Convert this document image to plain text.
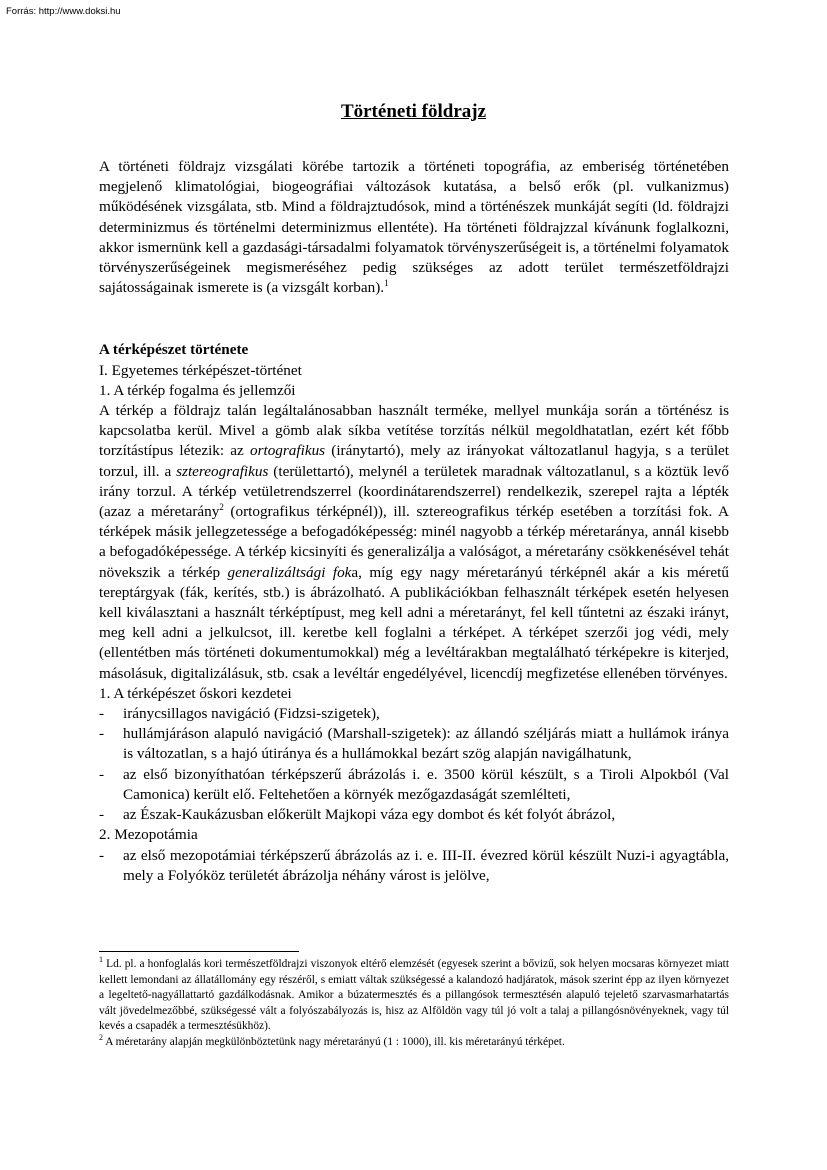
Forrás: http://www.doksi.hu
Történeti földrajz

A történeti földrajz vizsgálati körébe tartozik a történeti topográfia, az emberiség történetében megjelenő klimatológiai, biogeográfiai változások kutatása, a belső erők (pl. vulkanizmus) működésének vizsgálata, stb. Mind a földrajztudósok, mind a történészek munkáját segíti (ld. földrajzi determinizmus és történelmi determinizmus ellentéte). Ha történeti földrajzzal kívánunk foglalkozni, akkor ismernünk kell a gazdasági-társadalmi folyamatok törvényszerűségeit is, a történelmi folyamatok törvényszerűségeinek megismeréséhez pedig szükséges az adott terület természetföldrajzi sajátosságainak ismerete is (a vizsgált korban).$^1$

A térképészet története

I. Egyetemes térképészet-történet

1. A térkép fogalma és jellemzői

A térkép a földrajz talán legáltalánosabban használt terméke, mellyel munkája során a történész is kapcsolatba kerül. Mivel a gömb alak síkba vetítése torzítás nélkül megoldhatatlan, ezért két főbb torzítástípus létezik: az ortografikus (iránytartó), mely az irányokat változatlanul hagyja, s a terület torzul, ill. a sztereografikus (területtartó), melynél a területek maradnak változatlanul, s a köztük levő irány torzul. A térkép vetületrendszerrel (koordinátarendszerrel) rendelkezik, szerepel rajta a lépték (azaz a méretarány$^2$ (ortografikus térképnél)), ill. sztereografikus térkép esetében a torzítási fok. A térképek másik jellegzetessége a befogadóképesség: minél nagyobb a térkép méretaránya, annál kisebb a befogadóképessége. A térkép kicsinyíti és generalizálja a valóságot, a méretarány csökkenésével tehát növekszik a térkép generalizáltsági foka, míg egy nagy méretarányú térképnél akár a kis méretű tereptárgyak (fák, kerítés, stb.) is ábrázolható. A publikációkban felhasznált térképek esetén helyesen kell kiválasztani a használt térképtípust, meg kell adni a méretarányt, fel kell tűntetni az északi irányt, meg kell adni a jelkulcsot, ill. keretbe kell foglalni a térképet. A térképet szerzői jog védi, mely (ellentétben más történeti dokumentumokkal) még a levéltárakban megtalálható térképekre is kiterjed, másolásuk, digitalizálásuk, stb. csak a levéltár engedélyével, licencdíj megfizetése ellenében törvényes.

1. A térképészet őskori kezdetei

-	iránycsillagos navigáció (Fidzsi-szigetek),
-	hullámjáráson alapuló navigáció (Marshall-szigetek): az állandó széljárás miatt a hullámok iránya is változatlan, s a hajó útiránya és a hullámokkal bezárt szög alapján navigálhatunk,
-	az első bizonyíthatóan térképszerű ábrázolás i. e. 3500 körül készült, s a Tiroli Alpokból (Val Camonica) került elő. Feltehetően a környék mezőgazdaságát szemlélteti,
-	az Észak-Kaukázusban előkerült Majkopi váza egy dombot és két folyót ábrázol,

2. Mezopotámia

-	az első mezopotámiai térképszerű ábrázolás az i. e. III-II. évezred körül készült Nuzi-i agyagtábla, mely a Folyóköz területét ábrázolja néhány várost is jelölve,

$^1$ Ld. pl. a honfoglalás kori természetföldrajzi viszonyok eltérő elemzését (egyesek szerint a bővizű, sok helyen mocsaras környezet miatt kellett lemondani az állatállomány egy részéről, s emiatt váltak szükségessé a kalandozó hadjáratok, mások szerint épp az ilyen környezet a legeltető-nagyállattartó gazdálkodásnak. Amikor a búzatermesztés és a pillangósok termesztésén alapuló tejelető szarvasmarhatartás vált jövedelmezőbbé, szükségessé vált a folyószabályozás is, hisz az Alföldön vagy túl jó volt a talaj a pillangósnövényeknek, vagy túl kevés a csapadék a termesztésükhöz).

$^2$ A méretarány alapján megkülönböztetünk nagy méretarányú (1 : 1000), ill. kis méretarányú térképet.
